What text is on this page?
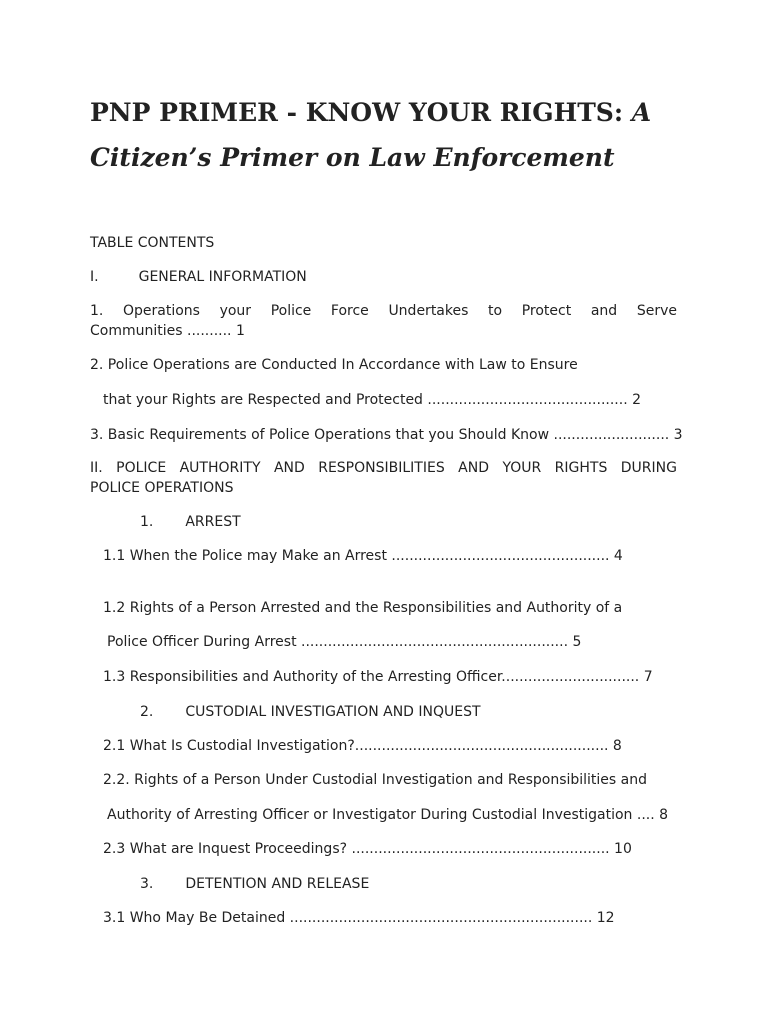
PNP PRIMER - KNOW YOUR RIGHTS: A
Citizen’s Primer on Law Enforcement
TABLE CONTENTS
I.	GENERAL INFORMATION
1. Operations your Police Force Undertakes to Protect and Serve
Communities .......... 1
2. Police Operations are Conducted In Accordance with Law to Ensure
that your Rights are Respected and Protected ............................................. 2
3. Basic Requirements of Police Operations that you Should Know .......................... 3
II. POLICE AUTHORITY AND RESPONSIBILITIES AND YOUR RIGHTS DURING
POLICE OPERATIONS
1. ARREST
1.1 When the Police may Make an Arrest ................................................. 4
1.2 Rights of a Person Arrested and the Responsibilities and Authority of a
Police Officer During Arrest ............................................................ 5
1.3 Responsibilities and Authority of the Arresting Officer............................... 7
2. CUSTODIAL INVESTIGATION AND INQUEST
2.1 What Is Custodial Investigation?......................................................... 8
2.2. Rights of a Person Under Custodial Investigation and Responsibilities and
Authority of Arresting Officer or Investigator During Custodial Investigation .... 8
2.3 What are Inquest Proceedings? .......................................................... 10
3. DETENTION AND RELEASE
3.1 Who May Be Detained .................................................................... 12
